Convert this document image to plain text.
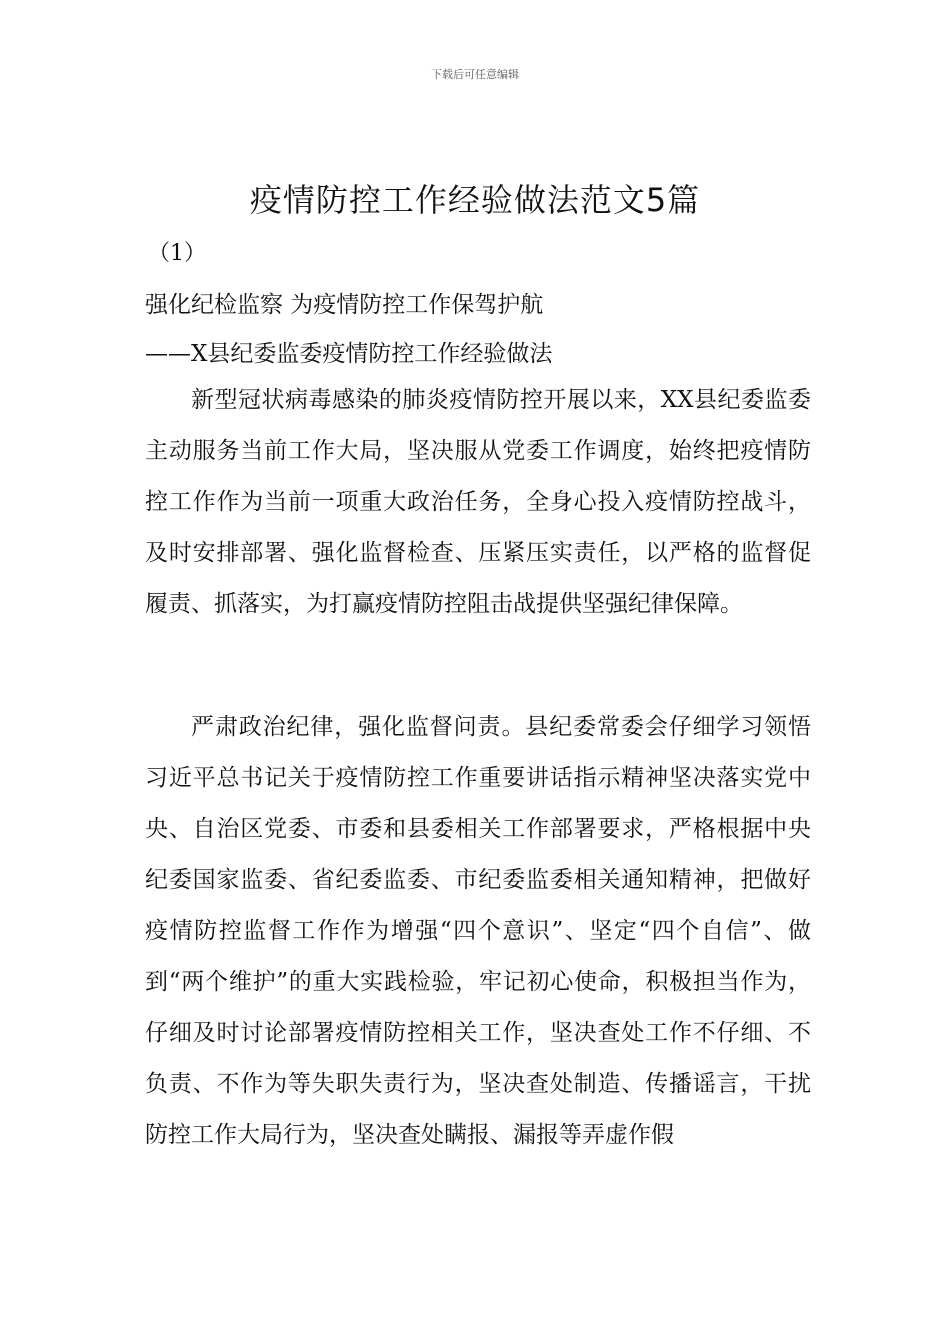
下载后可任意编辑
疫情防控工作经验做法范文5篇
（1）
强化纪检监察 为疫情防控工作保驾护航
——X县纪委监委疫情防控工作经验做法

新型冠状病毒感染的肺炎疫情防控开展以来，XX县纪委监委主动服务当前工作大局，坚决服从党委工作调度，始终把疫情防控工作作为当前一项重大政治任务，全身心投入疫情防控战斗，及时安排部署、强化监督检查、压紧压实责任，以严格的监督促履责、抓落实，为打赢疫情防控阻击战提供坚强纪律保障。

严肃政治纪律，强化监督问责。县纪委常委会仔细学习领悟习近平总书记关于疫情防控工作重要讲话指示精神坚决落实党中央、自治区党委、市委和县委相关工作部署要求，严格根据中央纪委国家监委、省纪委监委、市纪委监委相关通知精神，把做好疫情防控监督工作作为增强“四个意识”、坚定“四个自信”、做到“两个维护”的重大实践检验，牢记初心使命，积极担当作为，仔细及时讨论部署疫情防控相关工作，坚决查处工作不仔细、不负责、不作为等失职失责行为，坚决查处制造、传播谣言，干扰防控工作大局行为，坚决查处瞒报、漏报等弄虚作假
